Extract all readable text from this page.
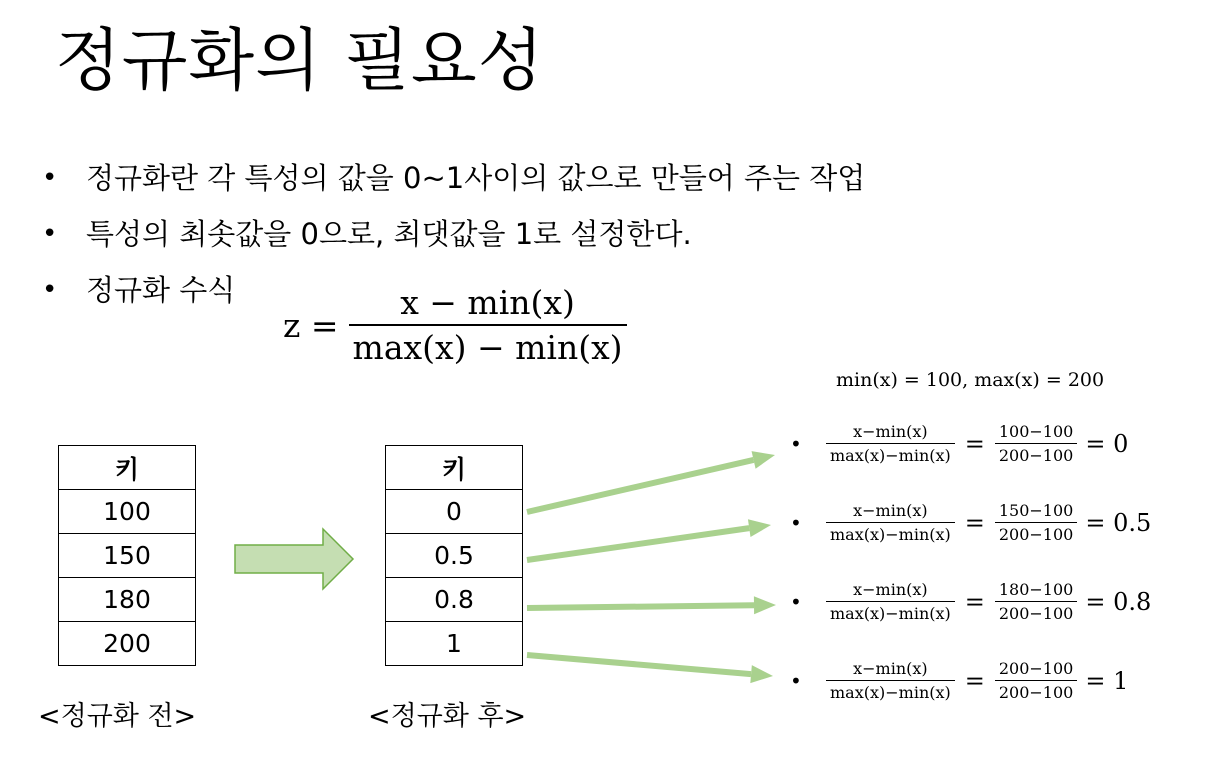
정규화의 필요성
• 정규화란 각 특성의 값을 0~1사이의 값으로 만들어 주는 작업
• 특성의 최솟값을 0으로, 최댓값을 1로 설정한다.
• 정규화 수식
$z = \frac{x - \min(x)}{\max(x) - \min(x)}$
min(x) = 100, max(x) = 200
키
100
150
180
200
<정규화 전>
키
0
0.5
0.8
1
<정규화 후>
•	$\frac{x-\min(x)}{\max(x)-\min(x)} = \frac{100-100}{200-100} = 0$
•	$\frac{x-\min(x)}{\max(x)-\min(x)} = \frac{150-100}{200-100} = 0.5$
•	$\frac{x-\min(x)}{\max(x)-\min(x)} = \frac{180-100}{200-100} = 0.8$
•	$\frac{x-\min(x)}{\max(x)-\min(x)} = \frac{200-100}{200-100} = 1$
